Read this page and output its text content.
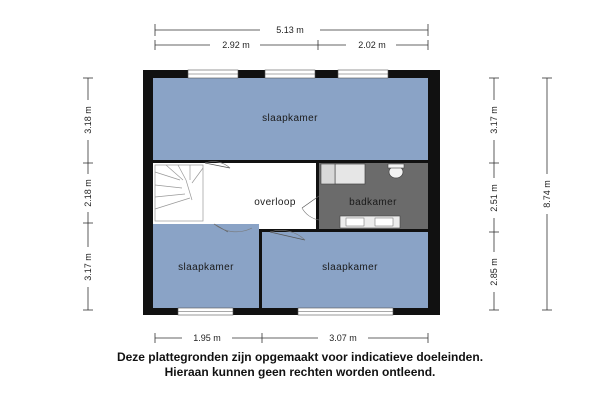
5.13 m
2.92 m	2.02 m
3.18 m
2.18 m
3.17 m
3.17 m
2.51 m
2.85 m
8.74 m
1.95 m	3.07 m
slaapkamer
overloop	badkamer
slaapkamer	slaapkamer
Deze plattegronden zijn opgemaakt voor indicatieve doeleinden.
Hieraan kunnen geen rechten worden ontleend.
